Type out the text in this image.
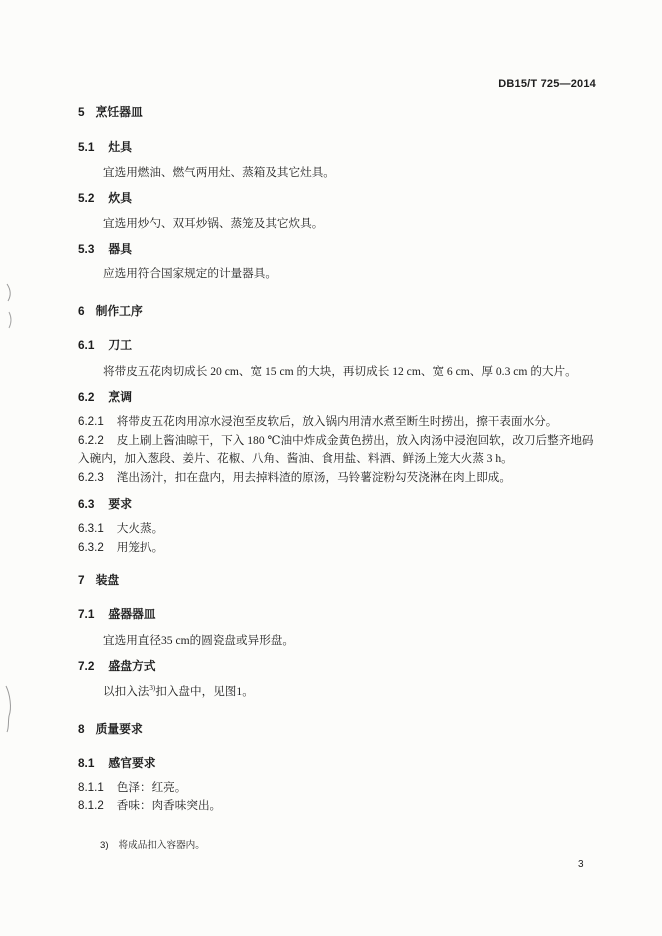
DB15/T 725—2014
5 烹饪器皿
5.1 灶具
宜选用燃油、燃气两用灶、蒸箱及其它灶具。
5.2 炊具
宜选用炒勺、双耳炒锅、蒸笼及其它炊具。
5.3 器具
应选用符合国家规定的计量器具。
6 制作工序
6.1 刀工
将带皮五花肉切成长 20 cm、宽 15 cm 的大块，再切成长 12 cm、宽 6 cm、厚 0.3 cm 的大片。
6.2 烹调
6.2.1 将带皮五花肉用凉水浸泡至皮软后，放入锅内用清水煮至断生时捞出，擦干表面水分。
6.2.2 皮上刷上酱油晾干，下入 180 ℃油中炸成金黄色捞出，放入肉汤中浸泡回软，改刀后整齐地码
入碗内，加入葱段、姜片、花椒、八角、酱油、食用盐、料酒、鲜汤上笼大火蒸 3 h。
6.2.3 滗出汤汁，扣在盘内，用去掉料渣的原汤，马铃薯淀粉勾芡浇淋在肉上即成。
6.3 要求
6.3.1 大火蒸。
6.3.2 用笼扒。
7 装盘
7.1 盛器器皿
宜选用直径35 cm的圆瓷盘或异形盘。
7.2 盛盘方式
以扣入法$^{3)}$扣入盘中，见图1。
8 质量要求
8.1 感官要求
8.1.1 色泽：红亮。
8.1.2 香味：肉香味突出。
3) 将成品扣入容器内。
3
